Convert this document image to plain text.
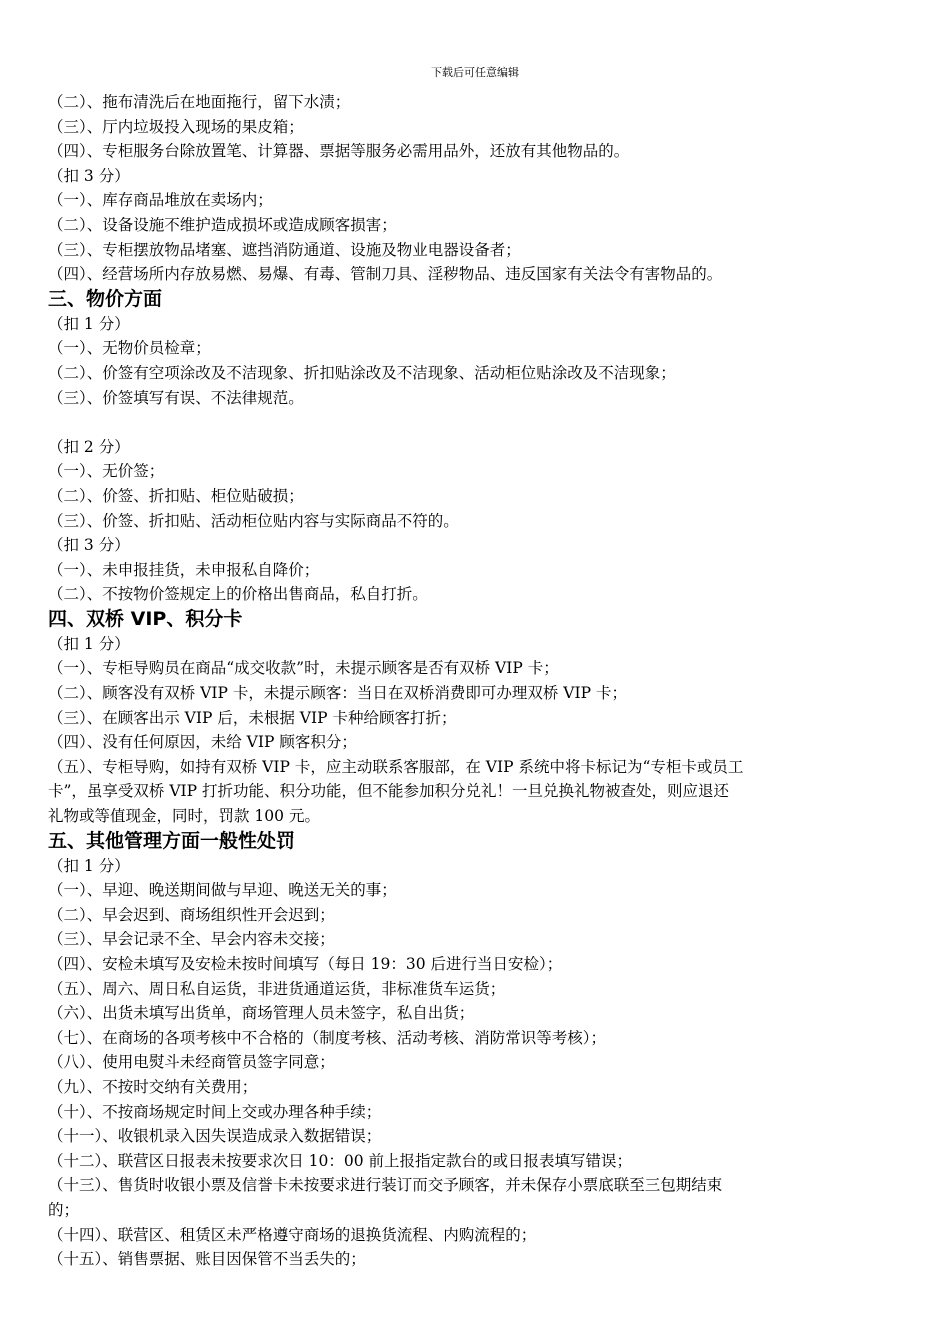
下载后可任意编辑
（二）、拖布清洗后在地面拖行，留下水渍；
（三）、厅内垃圾投入现场的果皮箱；
（四）、专柜服务台除放置笔、计算器、票据等服务必需用品外，还放有其他物品的。
（扣 3 分）
（一）、库存商品堆放在卖场内；
（二）、设备设施不维护造成损坏或造成顾客损害；
（三）、专柜摆放物品堵塞、遮挡消防通道、设施及物业电器设备者；
（四）、经营场所内存放易燃、易爆、有毒、管制刀具、淫秽物品、违反国家有关法令有害物品的。
三、物价方面
（扣 1 分）
（一）、无物价员检章；
（二）、价签有空项涂改及不洁现象、折扣贴涂改及不洁现象、活动柜位贴涂改及不洁现象；
（三）、价签填写有误、不法律规范。
（扣 2 分）
（一）、无价签；
（二）、价签、折扣贴、柜位贴破损；
（三）、价签、折扣贴、活动柜位贴内容与实际商品不符的。
（扣 3 分）
（一）、未申报挂货，未申报私自降价；
（二）、不按物价签规定上的价格出售商品，私自打折。
四、双桥 VIP、积分卡
（扣 1 分）
（一）、专柜导购员在商品“成交收款”时，未提示顾客是否有双桥 VIP 卡；
（二）、顾客没有双桥 VIP 卡，未提示顾客：当日在双桥消费即可办理双桥 VIP 卡；
（三）、在顾客出示 VIP 后，未根据 VIP 卡种给顾客打折；
（四）、没有任何原因，未给 VIP 顾客积分；
（五）、专柜导购，如持有双桥 VIP 卡，应主动联系客服部，在 VIP 系统中将卡标记为“专柜卡或员工
卡”，虽享受双桥 VIP 打折功能、积分功能，但不能参加积分兑礼！一旦兑换礼物被查处，则应退还
礼物或等值现金，同时，罚款 100 元。
五、其他管理方面一般性处罚
（扣 1 分）
（一）、早迎、晚送期间做与早迎、晚送无关的事；
（二）、早会迟到、商场组织性开会迟到；
（三）、早会记录不全、早会内容未交接；
（四）、安检未填写及安检未按时间填写（每日 19：30 后进行当日安检）；
（五）、周六、周日私自运货，非进货通道运货，非标准货车运货；
（六）、出货未填写出货单，商场管理人员未签字，私自出货；
（七）、在商场的各项考核中不合格的（制度考核、活动考核、消防常识等考核）；
（八）、使用电熨斗未经商管员签字同意；
（九）、不按时交纳有关费用；
（十）、不按商场规定时间上交或办理各种手续；
（十一）、收银机录入因失误造成录入数据错误；
（十二）、联营区日报表未按要求次日 10：00 前上报指定款台的或日报表填写错误；
（十三）、售货时收银小票及信誉卡未按要求进行装订而交予顾客，并未保存小票底联至三包期结束
的；
（十四）、联营区、租赁区未严格遵守商场的退换货流程、内购流程的；
（十五）、销售票据、账目因保管不当丢失的；
